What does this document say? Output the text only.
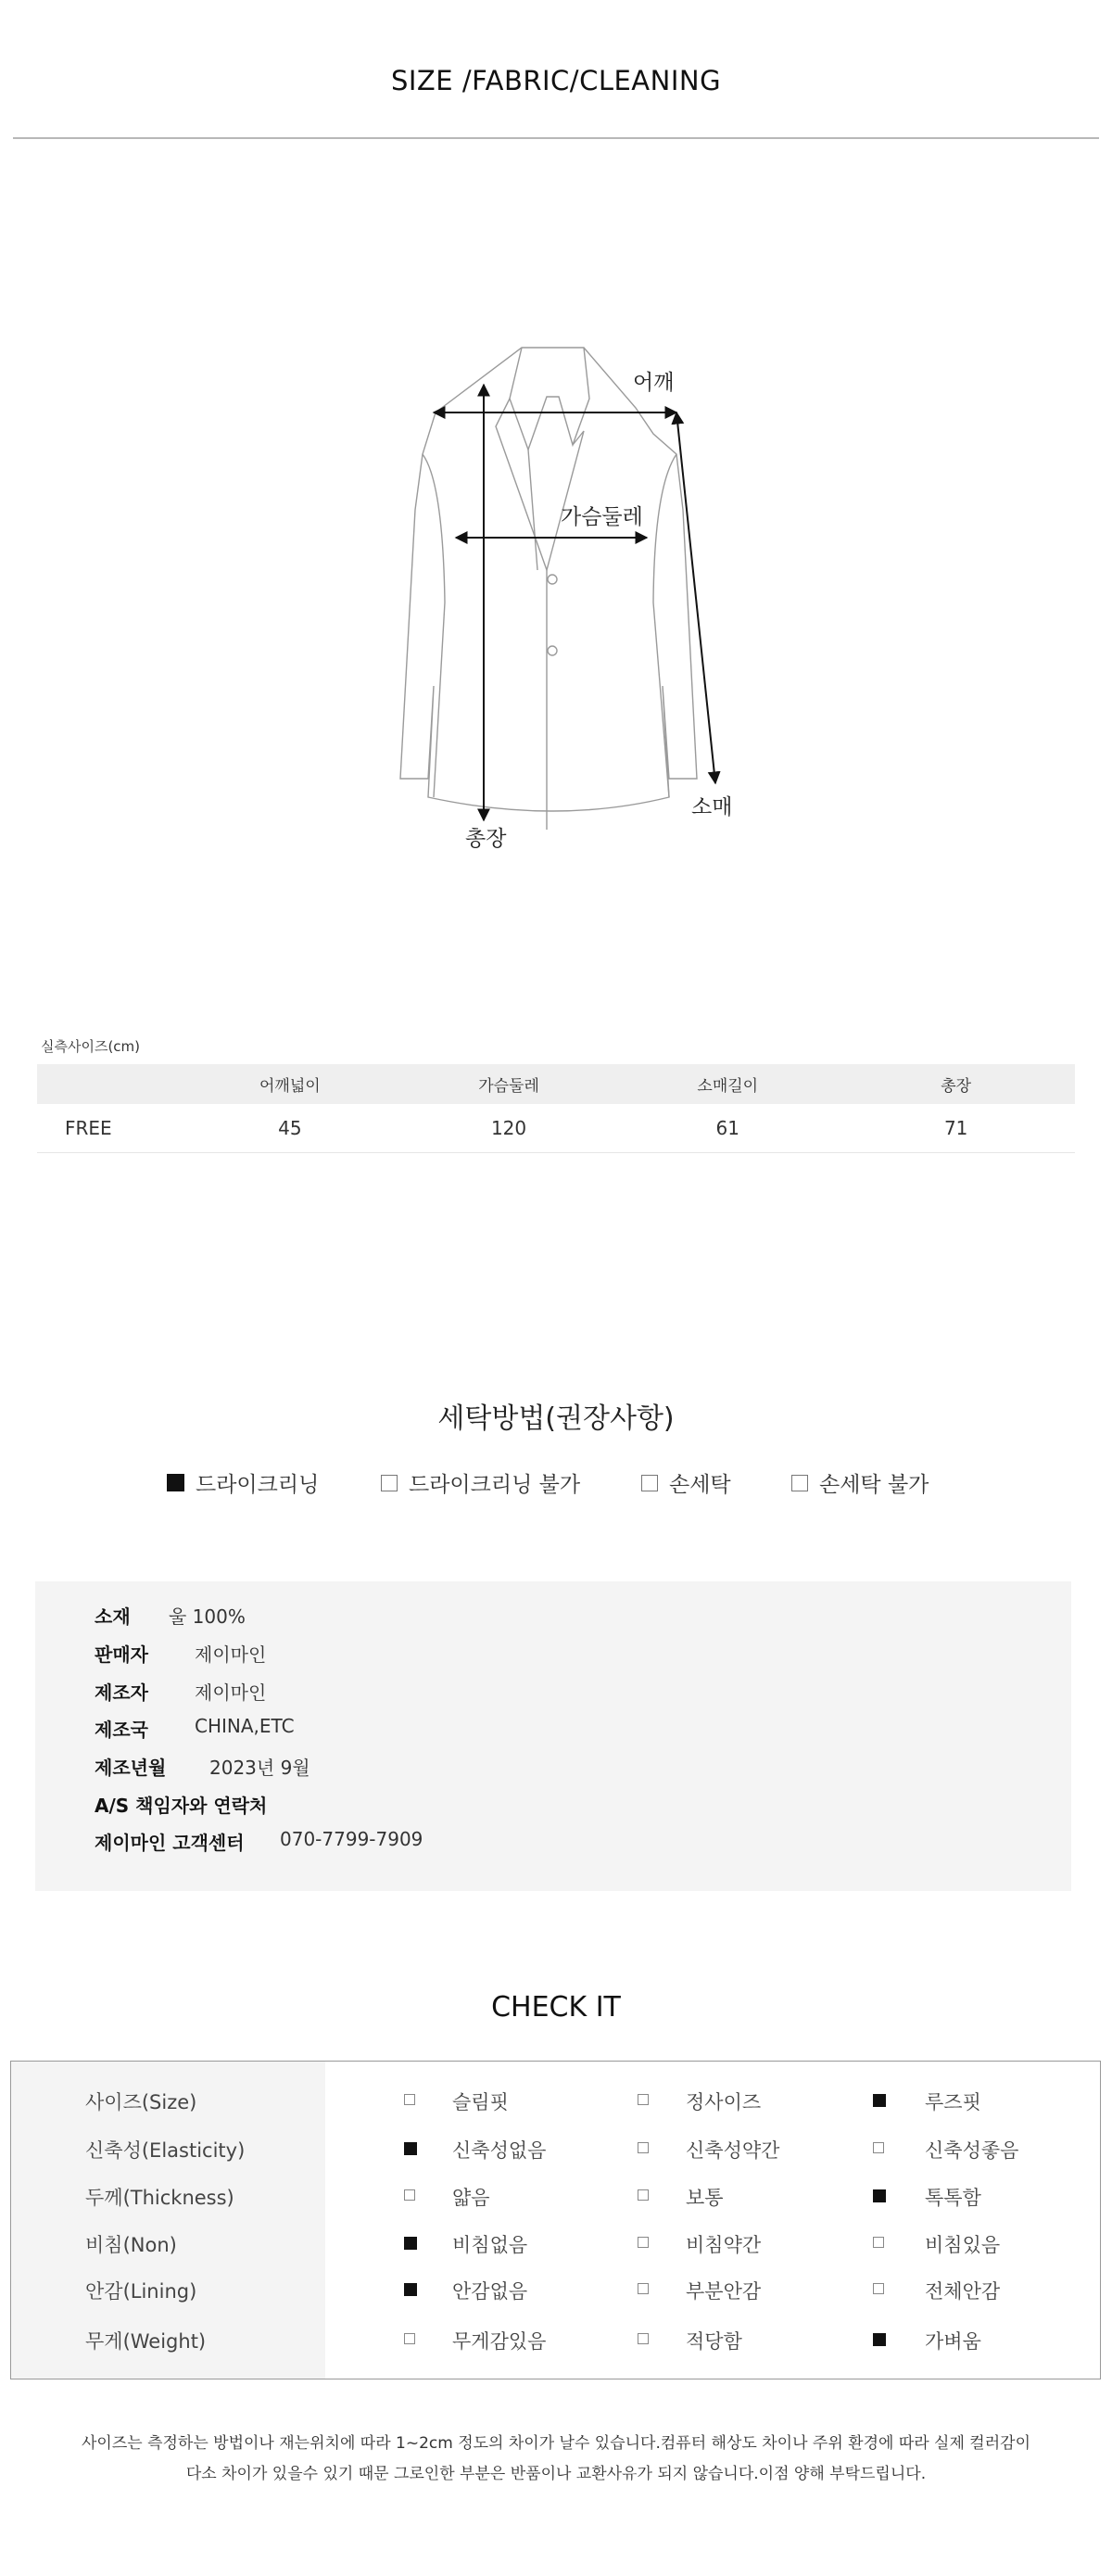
SIZE /FABRIC/CLEANING
어깨
가슴둘레
소매
총장
실측사이즈(cm)
	어깨넓이	가슴둘레	소매길이	총장
FREE	45	120	61	71
세탁방법(권장사항)
드라이크리닝	드라이크리닝 불가	손세탁	손세탁 불가
소재 울 100%
판매자	제이마인
제조자	제이마인
제조국	CHINA,ETC
제조년월 2023년 9월
A/S 책임자와 연락처
제이마인 고객센터 070-7799-7909
CHECK IT
사이즈(Size)	슬림핏	정사이즈	루즈핏
신축성(Elasticity)	신축성없음	신축성약간	신축성좋음
두께(Thickness)	얇음	보통	톡톡함
비침(Non)	비침없음	비침약간	비침있음
안감(Lining)	안감없음	부분안감	전체안감
무게(Weight)	무게감있음	적당함	가벼움
사이즈는 측정하는 방법이나 재는위치에 따라 1~2cm 정도의 차이가 날수 있습니다.컴퓨터 해상도 차이나 주위 환경에 따라 실제 컬러감이
다소 차이가 있을수 있기 때문 그로인한 부분은 반품이나 교환사유가 되지 않습니다.이점 양해 부탁드립니다.
